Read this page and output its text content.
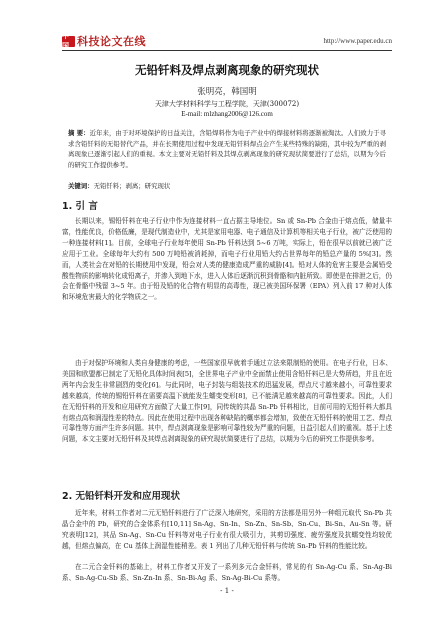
中国 科技论文在线	http://www.paper.edu.cn
无铅钎料及焊点剥离现象的研究现状
张明亮，韩国明
天津大学材料科学与工程学院，天津(300072)
E-mail: mlzhang2006@126.com
摘 要：近年来，由于对环境保护的日益关注，含铅焊料作为电子产业中的焊接材料将逐渐被淘汰。人们致力于寻求含铅钎料的无铅替代产品，并在长期使用过程中发现无铅钎料焊点会产生某些特殊的缺陷，其中较为严重的剥离现象已逐渐引起人们的重视。本文主要对无铅钎料及其焊点剥离现象的研究现状简要进行了总结，以期为今后的研究工作提供参考。
关键词：无铅钎料；剥离；研究现状
1. 引 言

长期以来，锡铅钎料在电子行业中作为连接材料一直占据主导地位。Sn 或 Sn-Pb 合金由于熔点低，储量丰富，性能优良，价格低廉，是现代制造业中，尤其是家用电器、电子通信及计算机等相关电子行业，被广泛使用的一种连接材料[1]。目前，全球电子行业每年使用 Sn-Pb 钎料达到 5~6 万吨，实际上，铅在很早以前就已被广泛应用于工业。全球每年大约有 500 万吨铅被消耗掉，而电子行业用铅大约占世界每年的铅总产量的 5%[3]。然而，人类社会在对铅的长期使用中发现，铅会对人类的健康造成严重的威胁[4]。铅对人体的危害主要是会属铅受酸性物质的影响转化成铅离子，并渗入到地下水，进入人体后逐渐沉积到骨骼和内脏所致。即使是在排泄之后，仍会在骨骼中残留 3~5 年。由于铅及铅的化合物有明显的高毒性，现已被美国环保署（EPA）列入前 17 种对人体和环境危害最大的化学物质之一。

由于对保护环境和人类自身健康的考虑，一些国家很早就着手通过立法来限制铅的使用。在电子行业，日本、美国和欧盟都已制定了无铅化具体时间表[5]，全世界电子产业中全面禁止使用含铅钎料已是大势所趋，并且在近两年内会发生非常剧烈的变化[6]。与此同时，电子封装与组装技术的迅猛发展，焊点尺寸越来越小，可靠性要求越来越高，传统的锡铅钎料在需要高温下就能发生蠕变变形[8]，已不能满足越来越高的可靠性要求。因此，人们在无铅钎料的开发和应用研究方面做了大量工作[9]，同传统的共晶 Sn-Pb 钎料相比，目前可用的无铅钎料大都具有熔点高和润湿性差的特点。因此在使用过程中出现各种缺陷的概率都会增加，致使在无铅钎料的使用工艺、焊点可靠性等方面产生许多问题。其中，焊点剥离现象是影响可靠性较为严重的问题，日益引起人们的重视。基于上述问题，本文主要对无铅钎料及其焊点剥离现象的研究现状简要进行了总结，以期为今后的研究工作提供参考。

2. 无铅钎料开发和应用现状

近年来，材料工作者对二元无铅钎料进行了广泛深入地研究，采用的方法都是用另外一种组元取代 Sn-Pb 共晶合金中的 Pb，研究的合金体系有[10,11] Sn-Ag、Sn-In、Sn-Zn、Sn-Sb、Sn-Cu、Bi-Sn、Au-Sn 等。研究表明[12]，其品 Sn-Ag、Sn-Cu 钎料等对电子行业有很大吸引力，其剪切强度、疲劳强度及抗蠕变性均较优越，但熔点偏高，在 Cu 基体上润湿性能稍差。表 1 列出了几种无铅钎料与传统 Sn-Pb 钎料的性能比较。

在二元合金钎料的基础上，材料工作者又开发了一系列多元合金钎料，常见的有 Sn-Ag-Cu 系、Sn-Ag-Bi 系、Sn-Ag-Cu-Sb 系、Sn-Zn-In 系、Sn-Bi-Ag 系、Sn-Ag-Bi-Cu 系等。

- 1 -
